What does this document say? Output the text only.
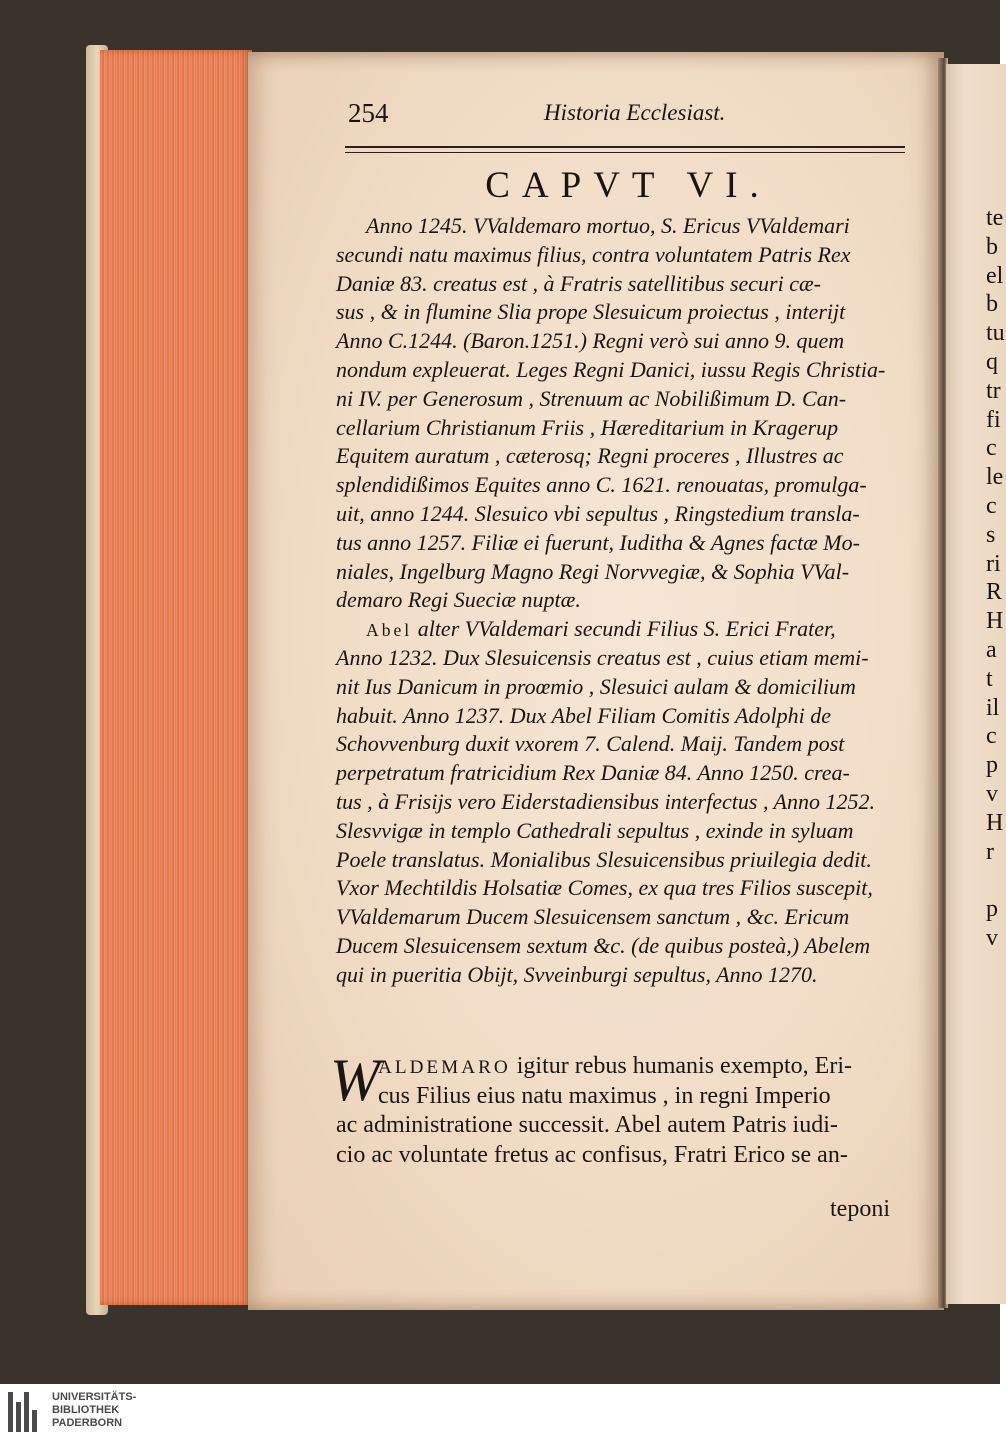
te
b
el
b
tu
q
tr
fi
c
le
c
s
ri
R
H
a
t
il
c
p
v
H
r
p
v
254	Historia Ecclesiast.
CAPVT VI.
Anno 1245. VValdemaro mortuo, S. Ericus VValdemari
secundi natu maximus filius, contra voluntatem Patris Rex
Daniæ 83. creatus est , à Fratris satellitibus securi cæ-
sus , & in flumine Slia prope Slesuicum proiectus , interijt
Anno C.1244. (Baron.1251.) Regni verò sui anno 9. quem
nondum expleuerat. Leges Regni Danici, iussu Regis Christia-
ni IV. per Generosum , Strenuum ac Nobilißimum D. Can-
cellarium Christianum Friis , Hæreditarium in Kragerup
Equitem auratum , cæterosq; Regni proceres , Illustres ac
splendidißimos Equites anno C. 1621. renouatas, promulga-
uit, anno 1244. Slesuico vbi sepultus , Ringstedium transla-
tus anno 1257. Filiæ ei fuerunt, Iuditha & Agnes factæ Mo-
niales, Ingelburg Magno Regi Norvvegiæ, & Sophia VVal-
demaro Regi Sueciæ nuptæ.
Abel alter VValdemari secundi Filius S. Erici Frater,
Anno 1232. Dux Slesuicensis creatus est , cuius etiam memi-
nit Ius Danicum in proœmio , Slesuici aulam & domicilium
habuit. Anno 1237. Dux Abel Filiam Comitis Adolphi de
Schovvenburg duxit vxorem 7. Calend. Maij. Tandem post
perpetratum fratricidium Rex Daniæ 84. Anno 1250. crea-
tus , à Frisijs vero Eiderstadiensibus interfectus , Anno 1252.
Slesvvigæ in templo Cathedrali sepultus , exinde in syluam
Poele translatus. Monialibus Slesuicensibus priuilegia dedit.
Vxor Mechtildis Holsatiæ Comes, ex qua tres Filios suscepit,
VValdemarum Ducem Slesuicensem sanctum , &c. Ericum
Ducem Slesuicensem sextum &c. (de quibus posteà,) Abelem
qui in pueritia Obijt, Svveinburgi sepultus, Anno 1270.
W
ALDEMARO igitur rebus humanis exempto, Eri-
cus Filius eius natu maximus , in regni Imperio
ac administratione successit. Abel autem Patris iudi-
cio ac voluntate fretus ac confisus, Fratri Erico se an-
teponi
UNIVERSITÄTS-
BIBLIOTHEK
PADERBORN
